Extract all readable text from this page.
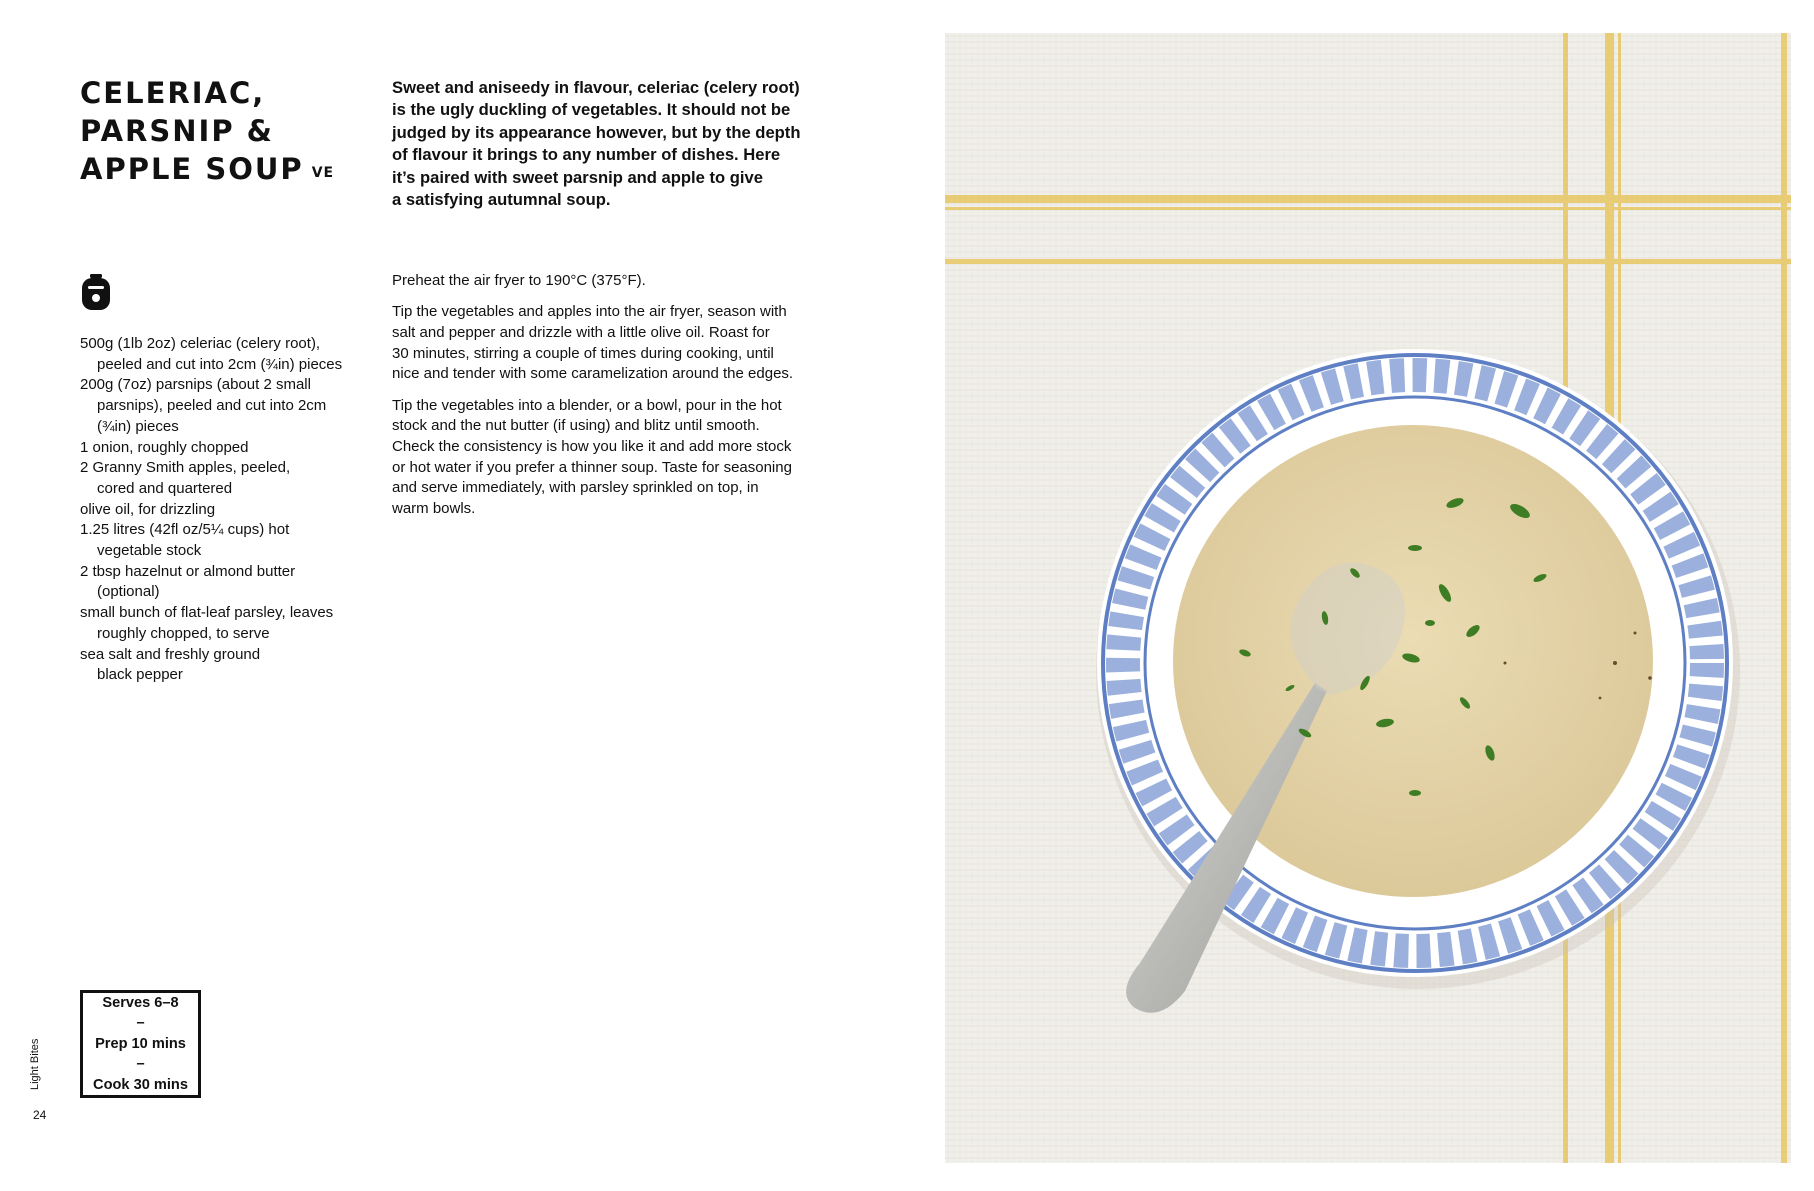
CELERIAC,
PARSNIP &
APPLE SOUP VE

Sweet and aniseedy in flavour, celeriac (celery root)
is the ugly duckling of vegetables. It should not be
judged by its appearance however, but by the depth
of flavour it brings to any number of dishes. Here
it’s paired with sweet parsnip and apple to give
a satisfying autumnal soup.

500g (1lb 2oz) celeriac (celery root),
peeled and cut into 2cm (¾in) pieces
200g (7oz) parsnips (about 2 small
parsnips), peeled and cut into 2cm
(¾in) pieces
1 onion, roughly chopped
2 Granny Smith apples, peeled,
cored and quartered
olive oil, for drizzling
1.25 litres (42fl oz/5¼ cups) hot
vegetable stock
2 tbsp hazelnut or almond butter
(optional)
small bunch of flat-leaf parsley, leaves
roughly chopped, to serve
sea salt and freshly ground
black pepper

Preheat the air fryer to 190°C (375°F).

Tip the vegetables and apples into the air fryer, season with
salt and pepper and drizzle with a little olive oil. Roast for
30 minutes, stirring a couple of times during cooking, until
nice and tender with some caramelization around the edges.

Tip the vegetables into a blender, or a bowl, pour in the hot
stock and the nut butter (if using) and blitz until smooth.
Check the consistency is how you like it and add more stock
or hot water if you prefer a thinner soup. Taste for seasoning
and serve immediately, with parsley sprinkled on top, in
warm bowls.

Serves 6–8
–
Prep 10 mins
–
Cook 30 mins
Light Bites
24
